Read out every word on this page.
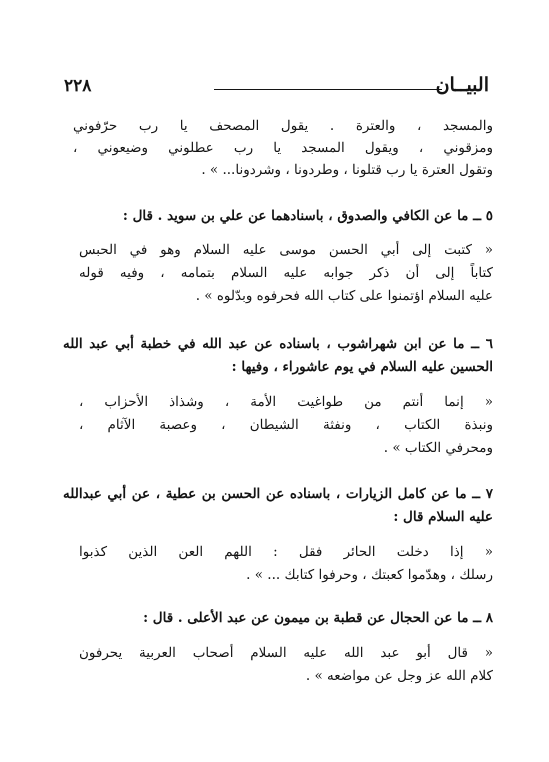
٢٢٨	البيــان
والمسجد ، والعترة . يقول المصحف يا رب حرّفوني
ومزقوني ، ويقول المسجد يا رب عطلوني وضيعوني ،
وتقول العترة يا رب قتلونا ، وطردونا ، وشردونا... » .
٥ ــ ما عن الكافي والصدوق ، باسنادهما عن علي بن سويد . قال :
« كتبت إلى أبي الحسن موسى عليه السلام وهو في الحبس
كتاباً إلى أن ذكر جوابه عليه السلام بتمامه ، وفيه قوله
عليه السلام اؤتمنوا على كتاب الله فحرفوه وبدّلوه » .
٦ ــ ما عن ابن شهراشوب ، باسناده عن عبد الله في خطبة أبي عبد الله
الحسين عليه السلام في يوم عاشوراء ، وفيها :
« إنما أنتم من طواغيت الأمة ، وشذاذ الأحزاب ،
ونبذة الكتاب ، ونفثة الشيطان ، وعصبة الآثام ،
ومحرفي الكتاب » .
٧ ــ ما عن كامل الزيارات ، باسناده عن الحسن بن عطية ، عن أبي عبدالله
عليه السلام قال :
« إذا دخلت الحائر فقل : اللهم العن الذين كذبوا
رسلك ، وهدّموا كعبتك ، وحرفوا كتابك ... » .
٨ ــ ما عن الحجال عن قطبة بن ميمون عن عبد الأعلى . قال :
« قال أبو عبد الله عليه السلام أصحاب العربية يحرفون
كلام الله عز وجل عن مواضعه » .
